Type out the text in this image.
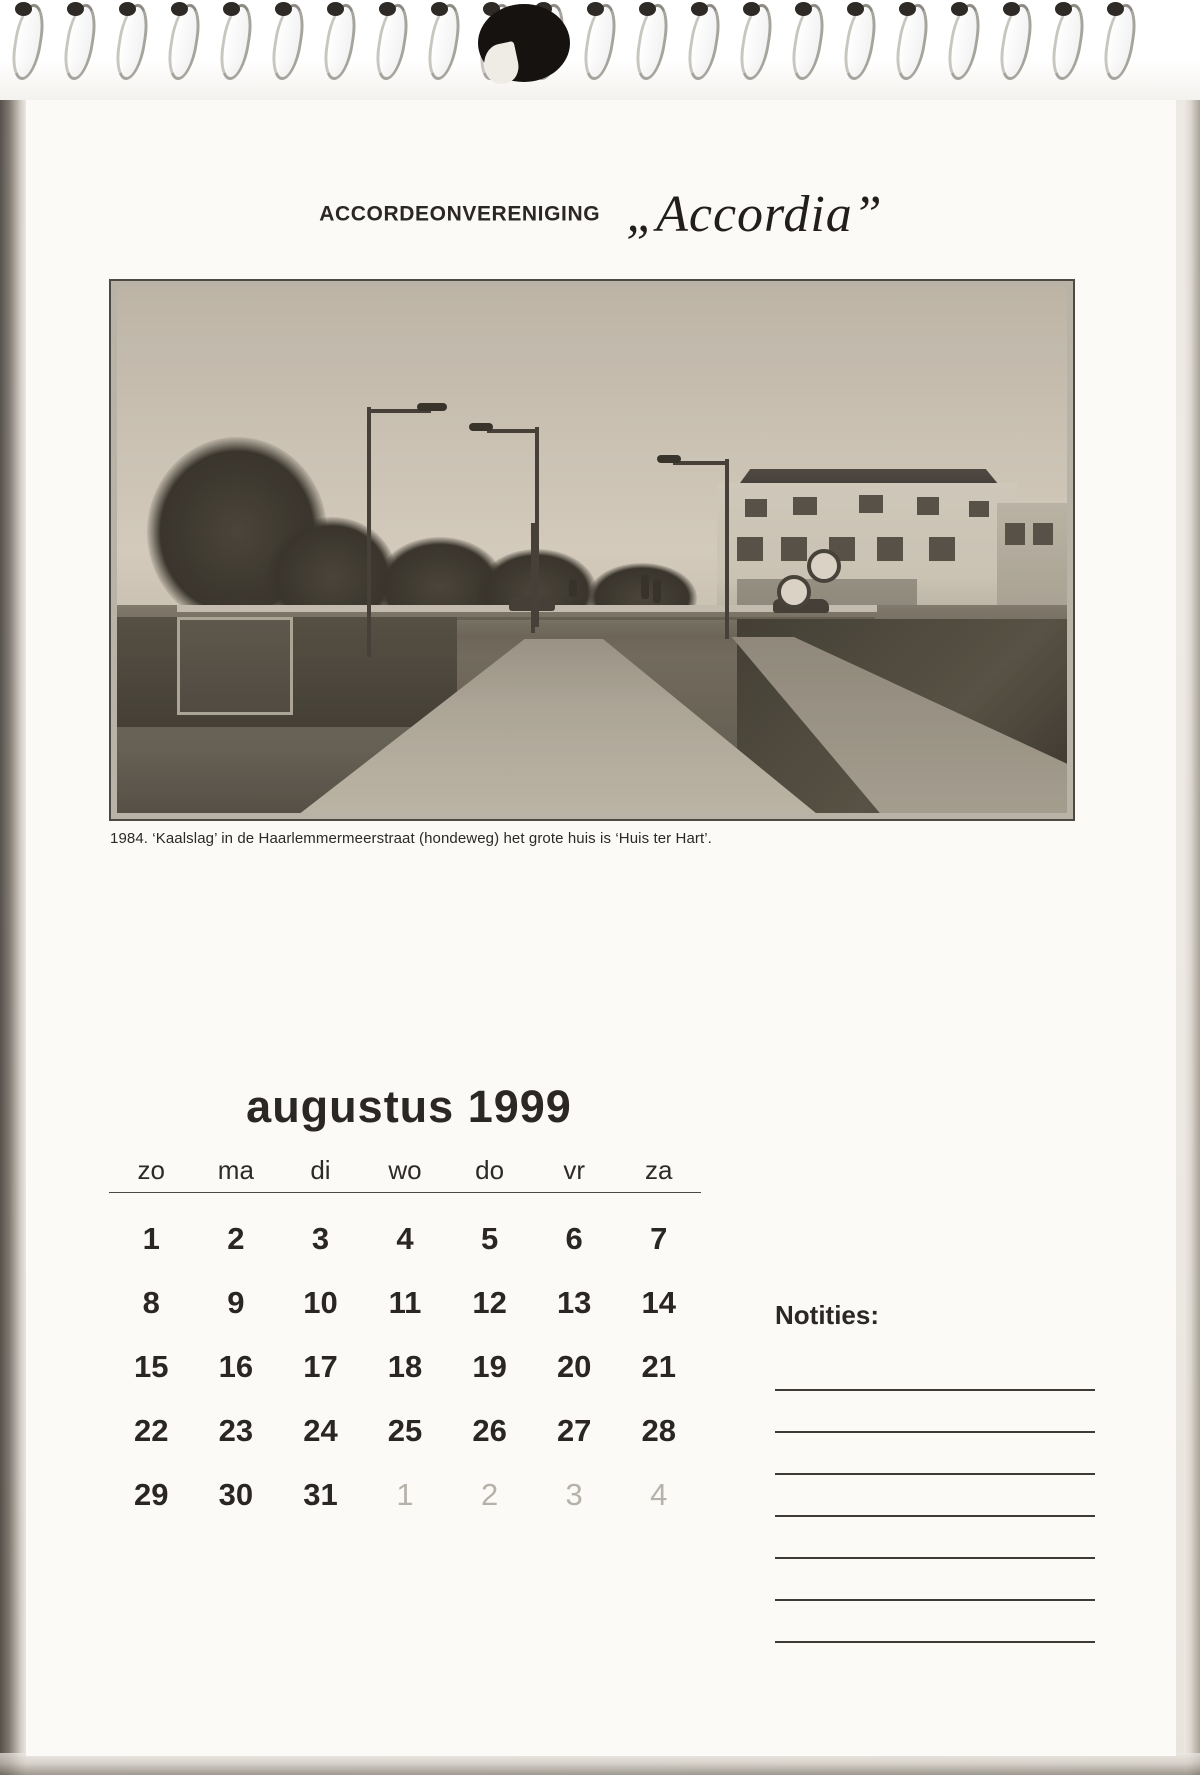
ACCORDEONVERENIGING „Accordia”
1984. ‘Kaalslag’ in de Haarlemmermeerstraat (hondeweg) het grote huis is ‘Huis ter Hart’.
augustus 1999
zo	ma	di	wo	do	vr	za
1	2	3	4	5	6	7
8	9	10	11	12	13	14
15	16	17	18	19	20	21
22	23	24	25	26	27	28
29	30	31	1	2	3	4
Notities:
